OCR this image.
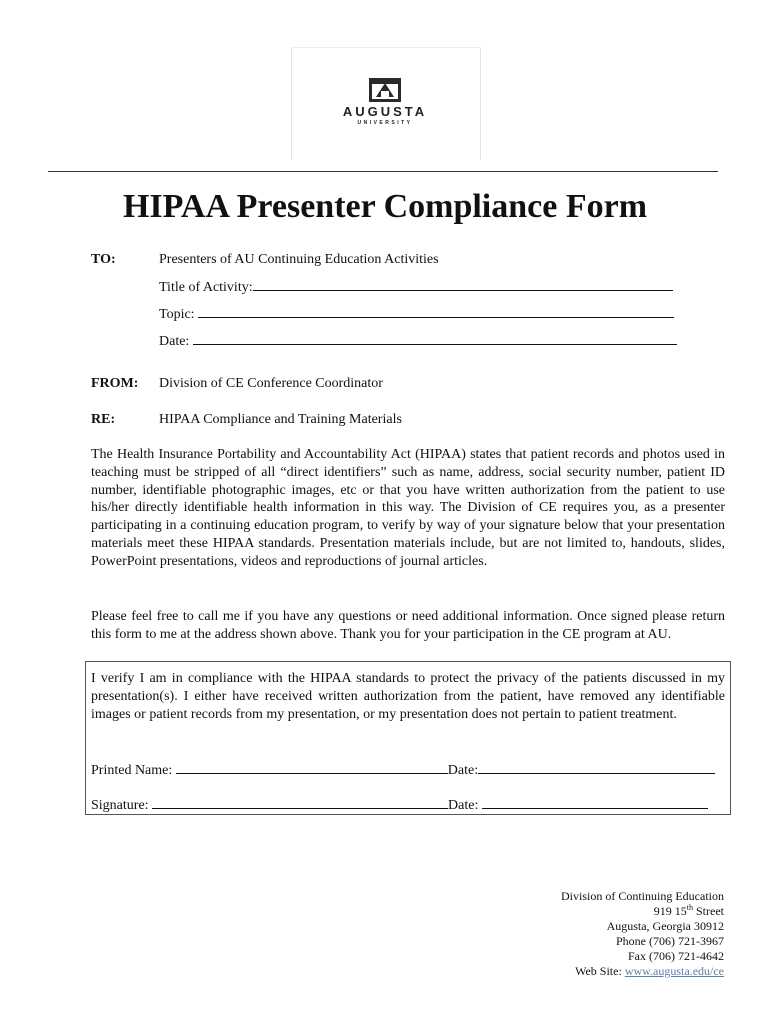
AUGUSTA
UNIVERSITY
HIPAA Presenter Compliance Form
TO:	Presenters of AU Continuing Education Activities
Title of Activity:
Topic:
Date:
FROM: Division of CE Conference Coordinator
RE:	HIPAA Compliance and Training Materials
The Health Insurance Portability and Accountability Act (HIPAA) states that patient records and photos used in teaching must be stripped of all “direct identifiers” such as name, address, social security number, patient ID number, identifiable photographic images, etc or that you have written authorization from the patient to use his/her directly identifiable health information in this way. The Division of CE requires you, as a presenter participating in a continuing education program, to verify by way of your signature below that your presentation materials meet these HIPAA standards. Presentation materials include, but are not limited to, handouts, slides, PowerPoint presentations, videos and reproductions of journal articles.
Please feel free to call me if you have any questions or need additional information. Once signed please return this form to me at the address shown above. Thank you for your participation in the CE program at AU.
I verify I am in compliance with the HIPAA standards to protect the privacy of the patients discussed in my presentation(s). I either have received written authorization from the patient, have removed any identifiable images or patient records from my presentation, or my presentation does not pertain to patient treatment.
Printed Name:	Date:
Signature:	Date:
Division of Continuing Education
919 15th Street
Augusta, Georgia 30912
Phone (706) 721-3967
Fax (706) 721-4642
Web Site: www.augusta.edu/ce
